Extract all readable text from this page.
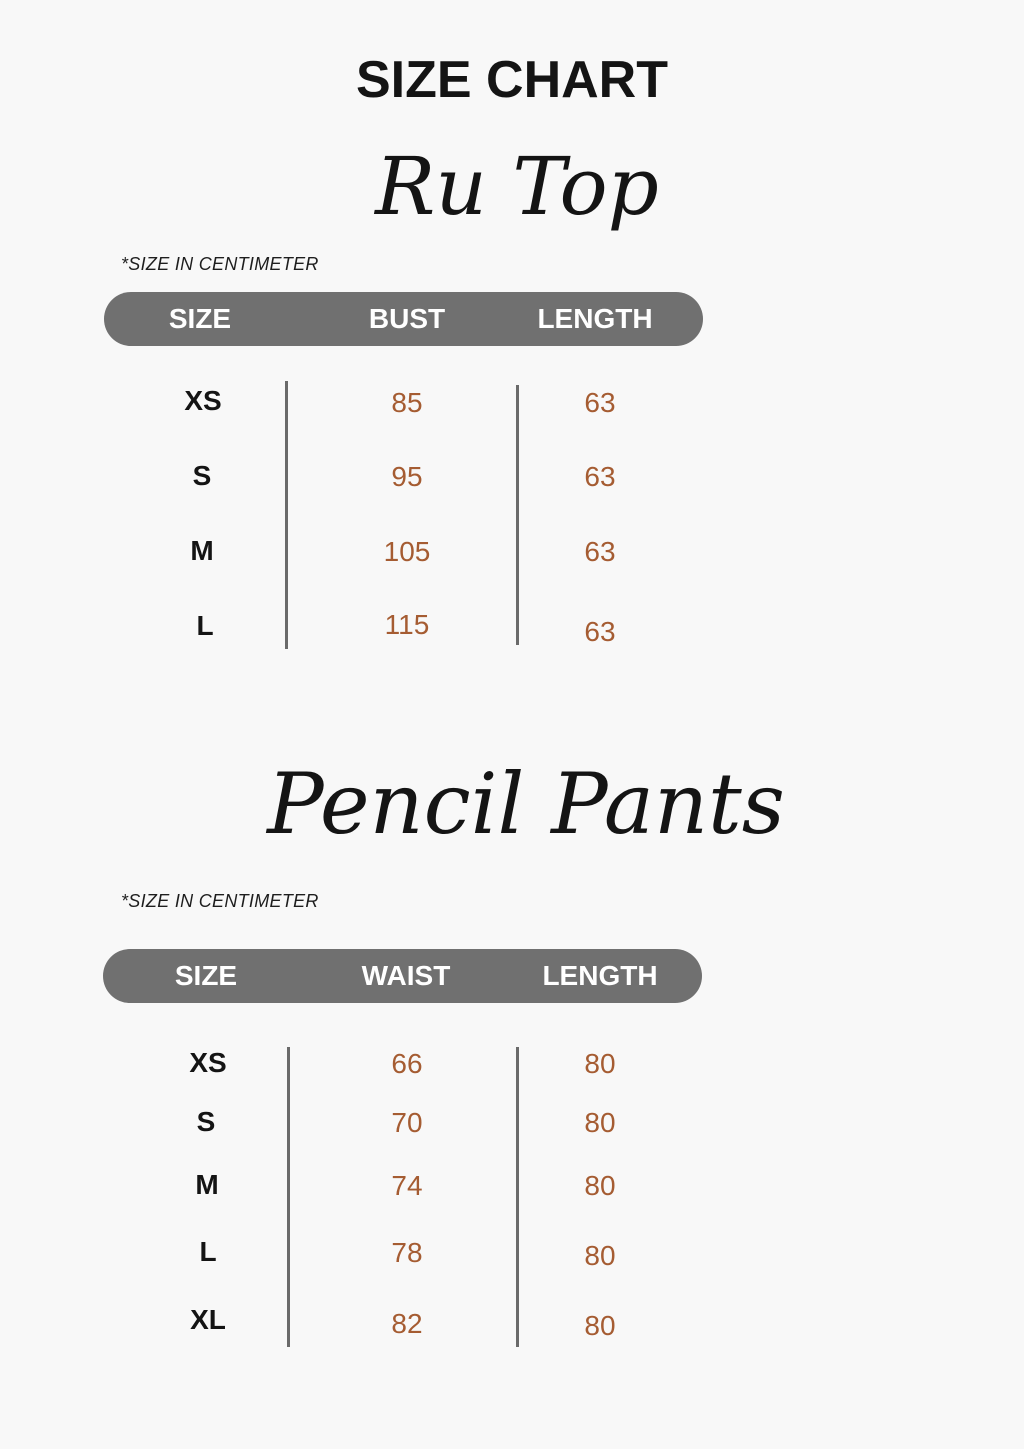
SIZE CHART
Ru Top
*SIZE IN CENTIMETER
SIZE	BUST	LENGTH
XS	85	63
S	95	63
M	105	63
L	115	63
Pencil Pants
*SIZE IN CENTIMETER
SIZE	WAIST	LENGTH
XS	66	80
S	70	80
M	74	80
L	78	80
XL	82	80
